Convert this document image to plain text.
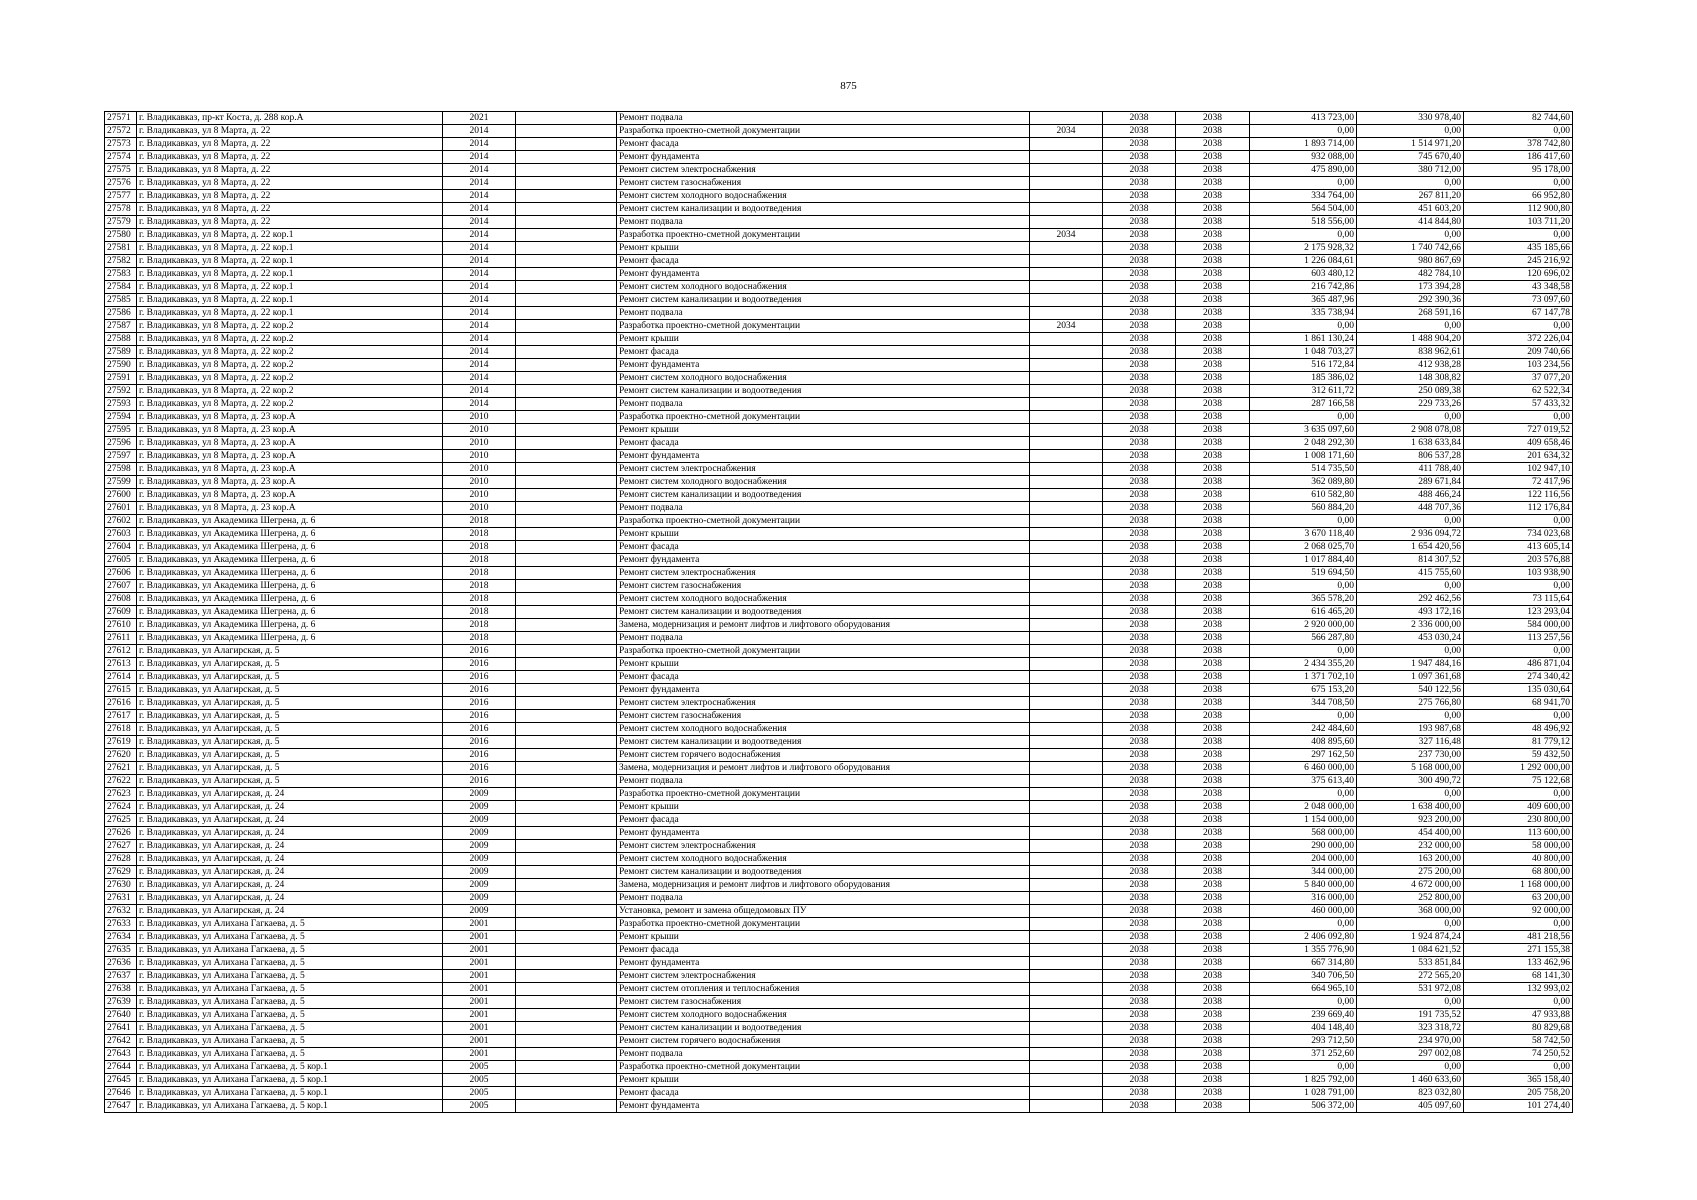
875
27571	г. Владикавказ, пр-кт Коста, д. 288 кор.А	2021		Ремонт подвала		2038	2038	413 723,00	330 978,40	82 744,60
27572	г. Владикавказ, ул 8 Марта, д. 22	2014		Разработка проектно-сметной документации	2034	2038	2038	0,00	0,00	0,00
27573	г. Владикавказ, ул 8 Марта, д. 22	2014		Ремонт фасада		2038	2038	1 893 714,00	1 514 971,20	378 742,80
27574	г. Владикавказ, ул 8 Марта, д. 22	2014		Ремонт фундамента		2038	2038	932 088,00	745 670,40	186 417,60
27575	г. Владикавказ, ул 8 Марта, д. 22	2014		Ремонт систем электроснабжения		2038	2038	475 890,00	380 712,00	95 178,00
27576	г. Владикавказ, ул 8 Марта, д. 22	2014		Ремонт систем газоснабжения		2038	2038	0,00	0,00	0,00
27577	г. Владикавказ, ул 8 Марта, д. 22	2014		Ремонт систем холодного водоснабжения		2038	2038	334 764,00	267 811,20	66 952,80
27578	г. Владикавказ, ул 8 Марта, д. 22	2014		Ремонт систем канализации и водоотведения		2038	2038	564 504,00	451 603,20	112 900,80
27579	г. Владикавказ, ул 8 Марта, д. 22	2014		Ремонт подвала		2038	2038	518 556,00	414 844,80	103 711,20
27580	г. Владикавказ, ул 8 Марта, д. 22 кор.1	2014		Разработка проектно-сметной документации	2034	2038	2038	0,00	0,00	0,00
27581	г. Владикавказ, ул 8 Марта, д. 22 кор.1	2014		Ремонт крыши		2038	2038	2 175 928,32	1 740 742,66	435 185,66
27582	г. Владикавказ, ул 8 Марта, д. 22 кор.1	2014		Ремонт фасада		2038	2038	1 226 084,61	980 867,69	245 216,92
27583	г. Владикавказ, ул 8 Марта, д. 22 кор.1	2014		Ремонт фундамента		2038	2038	603 480,12	482 784,10	120 696,02
27584	г. Владикавказ, ул 8 Марта, д. 22 кор.1	2014		Ремонт систем холодного водоснабжения		2038	2038	216 742,86	173 394,28	43 348,58
27585	г. Владикавказ, ул 8 Марта, д. 22 кор.1	2014		Ремонт систем канализации и водоотведения		2038	2038	365 487,96	292 390,36	73 097,60
27586	г. Владикавказ, ул 8 Марта, д. 22 кор.1	2014		Ремонт подвала		2038	2038	335 738,94	268 591,16	67 147,78
27587	г. Владикавказ, ул 8 Марта, д. 22 кор.2	2014		Разработка проектно-сметной документации	2034	2038	2038	0,00	0,00	0,00
27588	г. Владикавказ, ул 8 Марта, д. 22 кор.2	2014		Ремонт крыши		2038	2038	1 861 130,24	1 488 904,20	372 226,04
27589	г. Владикавказ, ул 8 Марта, д. 22 кор.2	2014		Ремонт фасада		2038	2038	1 048 703,27	838 962,61	209 740,66
27590	г. Владикавказ, ул 8 Марта, д. 22 кор.2	2014		Ремонт фундамента		2038	2038	516 172,84	412 938,28	103 234,56
27591	г. Владикавказ, ул 8 Марта, д. 22 кор.2	2014		Ремонт систем холодного водоснабжения		2038	2038	185 386,02	148 308,82	37 077,20
27592	г. Владикавказ, ул 8 Марта, д. 22 кор.2	2014		Ремонт систем канализации и водоотведения		2038	2038	312 611,72	250 089,38	62 522,34
27593	г. Владикавказ, ул 8 Марта, д. 22 кор.2	2014		Ремонт подвала		2038	2038	287 166,58	229 733,26	57 433,32
27594	г. Владикавказ, ул 8 Марта, д. 23 кор.А	2010		Разработка проектно-сметной документации		2038	2038	0,00	0,00	0,00
27595	г. Владикавказ, ул 8 Марта, д. 23 кор.А	2010		Ремонт крыши		2038	2038	3 635 097,60	2 908 078,08	727 019,52
27596	г. Владикавказ, ул 8 Марта, д. 23 кор.А	2010		Ремонт фасада		2038	2038	2 048 292,30	1 638 633,84	409 658,46
27597	г. Владикавказ, ул 8 Марта, д. 23 кор.А	2010		Ремонт фундамента		2038	2038	1 008 171,60	806 537,28	201 634,32
27598	г. Владикавказ, ул 8 Марта, д. 23 кор.А	2010		Ремонт систем электроснабжения		2038	2038	514 735,50	411 788,40	102 947,10
27599	г. Владикавказ, ул 8 Марта, д. 23 кор.А	2010		Ремонт систем холодного водоснабжения		2038	2038	362 089,80	289 671,84	72 417,96
27600	г. Владикавказ, ул 8 Марта, д. 23 кор.А	2010		Ремонт систем канализации и водоотведения		2038	2038	610 582,80	488 466,24	122 116,56
27601	г. Владикавказ, ул 8 Марта, д. 23 кор.А	2010		Ремонт подвала		2038	2038	560 884,20	448 707,36	112 176,84
27602	г. Владикавказ, ул Академика Шегрена, д. 6	2018		Разработка проектно-сметной документации		2038	2038	0,00	0,00	0,00
27603	г. Владикавказ, ул Академика Шегрена, д. 6	2018		Ремонт крыши		2038	2038	3 670 118,40	2 936 094,72	734 023,68
27604	г. Владикавказ, ул Академика Шегрена, д. 6	2018		Ремонт фасада		2038	2038	2 068 025,70	1 654 420,56	413 605,14
27605	г. Владикавказ, ул Академика Шегрена, д. 6	2018		Ремонт фундамента		2038	2038	1 017 884,40	814 307,52	203 576,88
27606	г. Владикавказ, ул Академика Шегрена, д. 6	2018		Ремонт систем электроснабжения		2038	2038	519 694,50	415 755,60	103 938,90
27607	г. Владикавказ, ул Академика Шегрена, д. 6	2018		Ремонт систем газоснабжения		2038	2038	0,00	0,00	0,00
27608	г. Владикавказ, ул Академика Шегрена, д. 6	2018		Ремонт систем холодного водоснабжения		2038	2038	365 578,20	292 462,56	73 115,64
27609	г. Владикавказ, ул Академика Шегрена, д. 6	2018		Ремонт систем канализации и водоотведения		2038	2038	616 465,20	493 172,16	123 293,04
27610	г. Владикавказ, ул Академика Шегрена, д. 6	2018		Замена, модернизация и ремонт лифтов и лифтового оборудования		2038	2038	2 920 000,00	2 336 000,00	584 000,00
27611	г. Владикавказ, ул Академика Шегрена, д. 6	2018		Ремонт подвала		2038	2038	566 287,80	453 030,24	113 257,56
27612	г. Владикавказ, ул Алагирская, д. 5	2016		Разработка проектно-сметной документации		2038	2038	0,00	0,00	0,00
27613	г. Владикавказ, ул Алагирская, д. 5	2016		Ремонт крыши		2038	2038	2 434 355,20	1 947 484,16	486 871,04
27614	г. Владикавказ, ул Алагирская, д. 5	2016		Ремонт фасада		2038	2038	1 371 702,10	1 097 361,68	274 340,42
27615	г. Владикавказ, ул Алагирская, д. 5	2016		Ремонт фундамента		2038	2038	675 153,20	540 122,56	135 030,64
27616	г. Владикавказ, ул Алагирская, д. 5	2016		Ремонт систем электроснабжения		2038	2038	344 708,50	275 766,80	68 941,70
27617	г. Владикавказ, ул Алагирская, д. 5	2016		Ремонт систем газоснабжения		2038	2038	0,00	0,00	0,00
27618	г. Владикавказ, ул Алагирская, д. 5	2016		Ремонт систем холодного водоснабжения		2038	2038	242 484,60	193 987,68	48 496,92
27619	г. Владикавказ, ул Алагирская, д. 5	2016		Ремонт систем канализации и водоотведения		2038	2038	408 895,60	327 116,48	81 779,12
27620	г. Владикавказ, ул Алагирская, д. 5	2016		Ремонт систем горячего водоснабжения		2038	2038	297 162,50	237 730,00	59 432,50
27621	г. Владикавказ, ул Алагирская, д. 5	2016		Замена, модернизация и ремонт лифтов и лифтового оборудования		2038	2038	6 460 000,00	5 168 000,00	1 292 000,00
27622	г. Владикавказ, ул Алагирская, д. 5	2016		Ремонт подвала		2038	2038	375 613,40	300 490,72	75 122,68
27623	г. Владикавказ, ул Алагирская, д. 24	2009		Разработка проектно-сметной документации		2038	2038	0,00	0,00	0,00
27624	г. Владикавказ, ул Алагирская, д. 24	2009		Ремонт крыши		2038	2038	2 048 000,00	1 638 400,00	409 600,00
27625	г. Владикавказ, ул Алагирская, д. 24	2009		Ремонт фасада		2038	2038	1 154 000,00	923 200,00	230 800,00
27626	г. Владикавказ, ул Алагирская, д. 24	2009		Ремонт фундамента		2038	2038	568 000,00	454 400,00	113 600,00
27627	г. Владикавказ, ул Алагирская, д. 24	2009		Ремонт систем электроснабжения		2038	2038	290 000,00	232 000,00	58 000,00
27628	г. Владикавказ, ул Алагирская, д. 24	2009		Ремонт систем холодного водоснабжения		2038	2038	204 000,00	163 200,00	40 800,00
27629	г. Владикавказ, ул Алагирская, д. 24	2009		Ремонт систем канализации и водоотведения		2038	2038	344 000,00	275 200,00	68 800,00
27630	г. Владикавказ, ул Алагирская, д. 24	2009		Замена, модернизация и ремонт лифтов и лифтового оборудования		2038	2038	5 840 000,00	4 672 000,00	1 168 000,00
27631	г. Владикавказ, ул Алагирская, д. 24	2009		Ремонт подвала		2038	2038	316 000,00	252 800,00	63 200,00
27632	г. Владикавказ, ул Алагирская, д. 24	2009		Установка, ремонт и замена общедомовых ПУ		2038	2038	460 000,00	368 000,00	92 000,00
27633	г. Владикавказ, ул Алихана Гагкаева, д. 5	2001		Разработка проектно-сметной документации		2038	2038	0,00	0,00	0,00
27634	г. Владикавказ, ул Алихана Гагкаева, д. 5	2001		Ремонт крыши		2038	2038	2 406 092,80	1 924 874,24	481 218,56
27635	г. Владикавказ, ул Алихана Гагкаева, д. 5	2001		Ремонт фасада		2038	2038	1 355 776,90	1 084 621,52	271 155,38
27636	г. Владикавказ, ул Алихана Гагкаева, д. 5	2001		Ремонт фундамента		2038	2038	667 314,80	533 851,84	133 462,96
27637	г. Владикавказ, ул Алихана Гагкаева, д. 5	2001		Ремонт систем электроснабжения		2038	2038	340 706,50	272 565,20	68 141,30
27638	г. Владикавказ, ул Алихана Гагкаева, д. 5	2001		Ремонт систем отопления и теплоснабжения		2038	2038	664 965,10	531 972,08	132 993,02
27639	г. Владикавказ, ул Алихана Гагкаева, д. 5	2001		Ремонт систем газоснабжения		2038	2038	0,00	0,00	0,00
27640	г. Владикавказ, ул Алихана Гагкаева, д. 5	2001		Ремонт систем холодного водоснабжения		2038	2038	239 669,40	191 735,52	47 933,88
27641	г. Владикавказ, ул Алихана Гагкаева, д. 5	2001		Ремонт систем канализации и водоотведения		2038	2038	404 148,40	323 318,72	80 829,68
27642	г. Владикавказ, ул Алихана Гагкаева, д. 5	2001		Ремонт систем горячего водоснабжения		2038	2038	293 712,50	234 970,00	58 742,50
27643	г. Владикавказ, ул Алихана Гагкаева, д. 5	2001		Ремонт подвала		2038	2038	371 252,60	297 002,08	74 250,52
27644	г. Владикавказ, ул Алихана Гагкаева, д. 5 кор.1	2005		Разработка проектно-сметной документации		2038	2038	0,00	0,00	0,00
27645	г. Владикавказ, ул Алихана Гагкаева, д. 5 кор.1	2005		Ремонт крыши		2038	2038	1 825 792,00	1 460 633,60	365 158,40
27646	г. Владикавказ, ул Алихана Гагкаева, д. 5 кор.1	2005		Ремонт фасада		2038	2038	1 028 791,00	823 032,80	205 758,20
27647	г. Владикавказ, ул Алихана Гагкаева, д. 5 кор.1	2005		Ремонт фундамента		2038	2038	506 372,00	405 097,60	101 274,40
